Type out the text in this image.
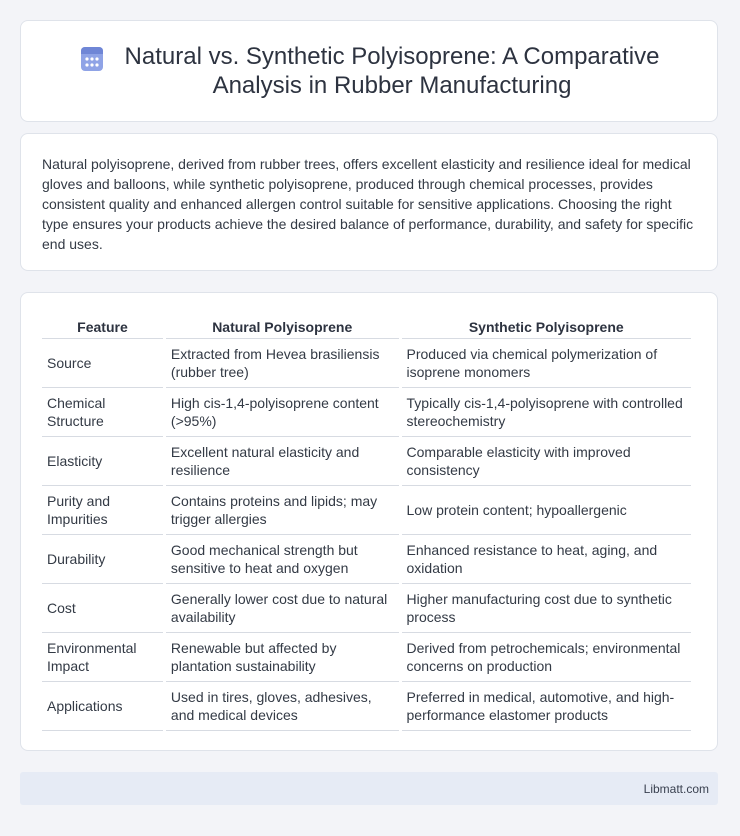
Natural vs. Synthetic Polyisoprene: A Comparative
Analysis in Rubber Manufacturing

Natural polyisoprene, derived from rubber trees, offers excellent elasticity and resilience ideal for medical gloves and balloons, while synthetic polyisoprene, produced through chemical processes, provides consistent quality and enhanced allergen control suitable for sensitive applications. Choosing the right type ensures your products achieve the desired balance of performance, durability, and safety for specific end uses.

Feature	Natural Polyisoprene	Synthetic Polyisoprene
Source	Extracted from Hevea brasiliensis (rubber tree)	Produced via chemical polymerization of isoprene monomers
Chemical Structure	High cis-1,4-polyisoprene content (>95%)	Typically cis-1,4-polyisoprene with controlled stereochemistry
Elasticity	Excellent natural elasticity and resilience	Comparable elasticity with improved consistency
Purity and Impurities	Contains proteins and lipids; may trigger allergies	Low protein content; hypoallergenic
Durability	Good mechanical strength but sensitive to heat and oxygen	Enhanced resistance to heat, aging, and oxidation
Cost	Generally lower cost due to natural availability	Higher manufacturing cost due to synthetic process
Environmental Impact	Renewable but affected by plantation sustainability	Derived from petrochemicals; environmental concerns on production
Applications	Used in tires, gloves, adhesives, and medical devices	Preferred in medical, automotive, and high-performance elastomer products
Libmatt.com
